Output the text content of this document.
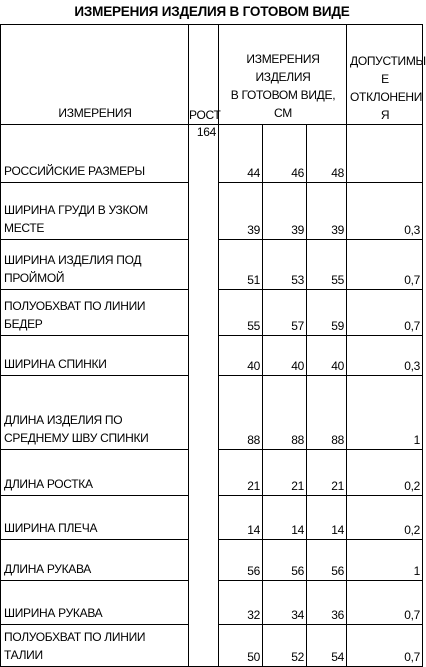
ИЗМЕРЕНИЯ ИЗДЕЛИЯ В ГОТОВОМ ВИДЕ
ИЗМЕРЕНИЯ	РОСТ	ИЗМЕРЕНИЯ ИЗДЕЛИЯ
В ГОТОВОМ ВИДЕ, СМ			ДОПУСТИМЫ
Е
ОТКЛОНЕНИ
Я

РОССИЙСКИЕ РАЗМЕРЫ	164	44	46	48	
ШИРИНА ГРУДИ В УЗКОМ МЕСТЕ		39	39	39	0,3
ШИРИНА ИЗДЕЛИЯ ПОД ПРОЙМОЙ		51	53	55	0,7
ПОЛУОБХВАТ ПО ЛИНИИ БЕДЕР		55	57	59	0,7
ШИРИНА СПИНКИ		40	40	40	0,3
ДЛИНА ИЗДЕЛИЯ ПО СРЕДНЕМУ ШВУ СПИНКИ		88	88	88	1
ДЛИНА РОСТКА		21	21	21	0,2
ШИРИНА ПЛЕЧА		14	14	14	0,2
ДЛИНА РУКАВА		56	56	56	1
ШИРИНА РУКАВА		32	34	36	0,7
ПОЛУОБХВАТ ПО ЛИНИИ ТАЛИИ		50	52	54	0,7
